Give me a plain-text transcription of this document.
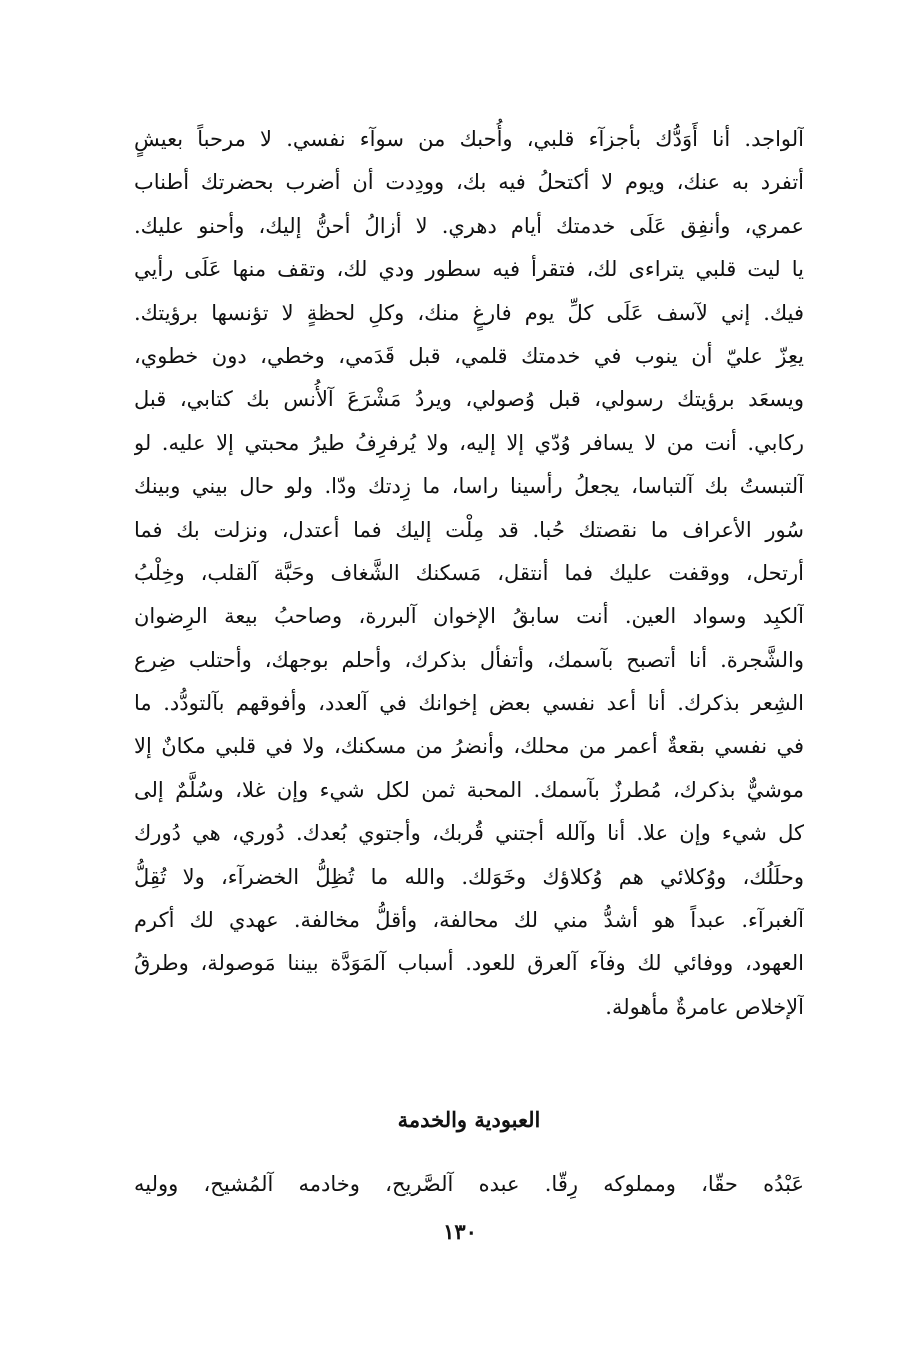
آلواجد. أنا أَوَدُّك بأجزآء قلبي، وأُحبك من سوآء نفسي. لا مرحباً بعيشٍ
أتفرد به عنك، ويوم لا أكتحلُ فيه بك، وودِدت أن أضرب بحضرتك أطناب
عمري، وأنفِق عَلَى خدمتك أيام دهري. لا أزالُ أحنُّ إليك، وأحنو عليك.
يا ليت قلبي يتراءى لك، فتقرأ فيه سطور ودي لك، وتقف منها عَلَى رأيي
فيك. إني لآسف عَلَى كلِّ يوم فارغٍ منك، وكلِ لحظةٍ لا تؤنسها برؤيتك.
يعِزّ عليّ أن ينوب في خدمتك قلمي، قبل قَدَمي، وخطي، دون خطوي،
ويسعَد برؤيتك رسولي، قبل وُصولي، ويردُ مَشْرَعَ آلأُنس بك كتابي، قبل
ركابي. أنت من لا يسافر وُدّي إلا إليه، ولا يُرفرِفُ طيرُ محبتي إلا عليه. لو
آلتبستُ بك آلتباسا، يجعلُ رأسينا راسا، ما زِدتك ودّا. ولو حال بيني وبينك
سُور الأعراف ما نقصتك حُبا. قد مِلْت إليك فما أعتدل، ونزلت بك فما
أرتحل، ووقفت عليك فما أنتقل، مَسكنك الشَّغاف وحَبَّة آلقلب، وخِلْبُ
آلكبِد وسواد العين. أنت سابقُ الإخوان آلبررة، وصاحبُ بيعة الرِضوان
والشَّجرة. أنا أتصبح بآسمك، وأتفأل بذكرك، وأحلم بوجهك، وأحتلب ضِرع
الشِعر بذكرك. أنا أعد نفسي بعض إخوانك في آلعدد، وأفوقهم بآلتودُّد. ما
في نفسي بقعةٌ أعمر من محلك، وأنضرُ من مسكنك، ولا في قلبي مكانٌ إلا
موشيٌّ بذكرك، مُطرزٌ بآسمك. المحبة ثمن لكل شيء وإن غلا، وسُلَّمٌ إلى
كل شيء وإن علا. أنا وآلله أجتني قُربك، وأجتوي بُعدك. دُوري، هي دُورك
وحلَلُك، ووُكلائي هم وُكلاؤك وخَوَلك. والله ما تُظِلُّ الخضرآء، ولا تُقِلُّ
آلغبرآء. عبداً هو أشدُّ مني لك محالفة، وأقلُّ مخالفة. عهدي لك أكرم
العهود، ووفائي لك وفآء آلعرق للعود. أسباب آلمَوَدَّة بيننا مَوصولة، وطرقُ
آلإخلاص عامرةٌ مأهولة.
العبودية والخدمة
عَبْدُه حقّا، ومملوكه رِقّا. عبده آلصَّريح، وخادمه آلمُشيح، ووليه
١٣٠
